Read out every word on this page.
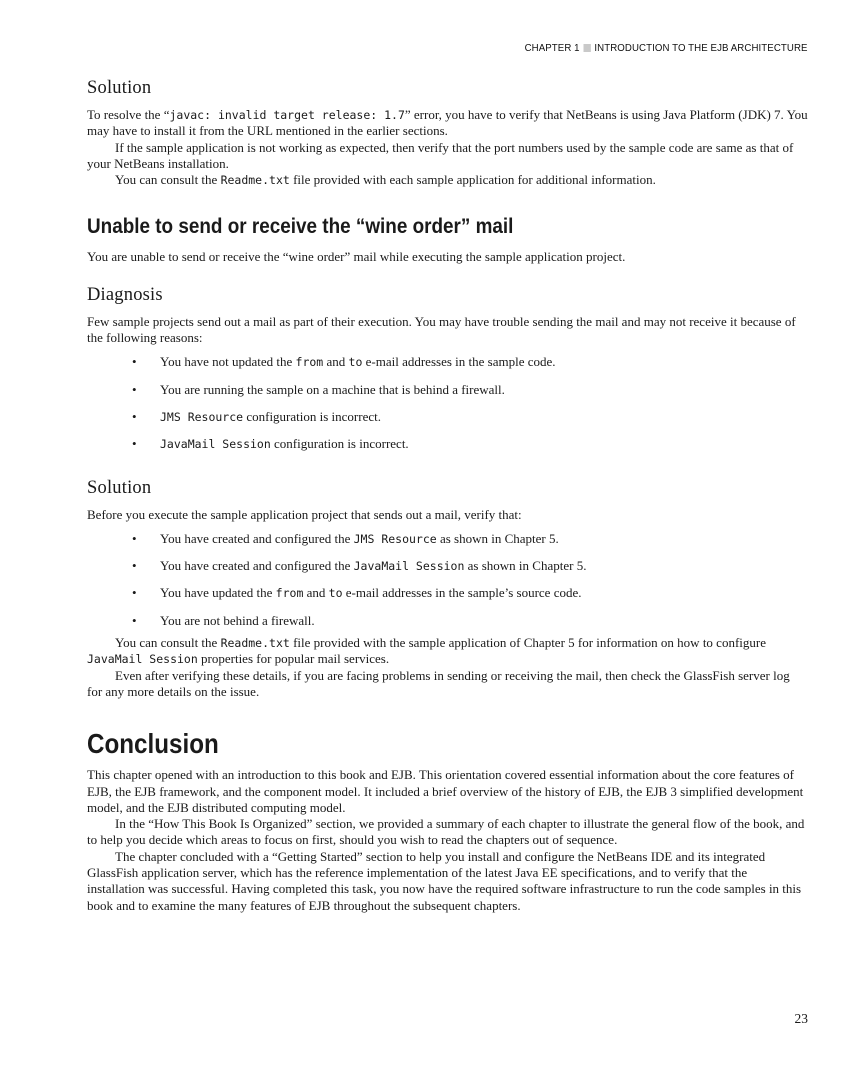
CHAPTER 1 INTRODUCTION TO THE EJB ARCHITECTURE
Solution

To resolve the “javac: invalid target release: 1.7” error, you have to verify that NetBeans is using Java Platform (JDK) 7. You may have to install it from the URL mentioned in the earlier sections.

If the sample application is not working as expected, then verify that the port numbers used by the sample code are same as that of your NetBeans installation.

You can consult the Readme.txt file provided with each sample application for additional information.

Unable to send or receive the “wine order” mail

You are unable to send or receive the “wine order” mail while executing the sample application project.

Diagnosis

Few sample projects send out a mail as part of their execution. You may have trouble sending the mail and may not receive it because of the following reasons:

• You have not updated the from and to e-mail addresses in the sample code.
• You are running the sample on a machine that is behind a firewall.
• JMS Resource configuration is incorrect.
• JavaMail Session configuration is incorrect.
Solution

Before you execute the sample application project that sends out a mail, verify that:

• You have created and configured the JMS Resource as shown in Chapter 5.
• You have created and configured the JavaMail Session as shown in Chapter 5.
• You have updated the from and to e-mail addresses in the sample’s source code.
• You are not behind a firewall.

You can consult the Readme.txt file provided with the sample application of Chapter 5 for information on how to configure JavaMail Session properties for popular mail services.

Even after verifying these details, if you are facing problems in sending or receiving the mail, then check the GlassFish server log for any more details on the issue.

Conclusion

This chapter opened with an introduction to this book and EJB. This orientation covered essential information about the core features of EJB, the EJB framework, and the component model. It included a brief overview of the history of EJB, the EJB 3 simplified development model, and the EJB distributed computing model.

In the “How This Book Is Organized” section, we provided a summary of each chapter to illustrate the general flow of the book, and to help you decide which areas to focus on first, should you wish to read the chapters out of sequence.

The chapter concluded with a “Getting Started” section to help you install and configure the NetBeans IDE and its integrated GlassFish application server, which has the reference implementation of the latest Java EE specifications, and to verify that the installation was successful. Having completed this task, you now have the required software infrastructure to run the code samples in this book and to examine the many features of EJB throughout the subsequent chapters.

23
